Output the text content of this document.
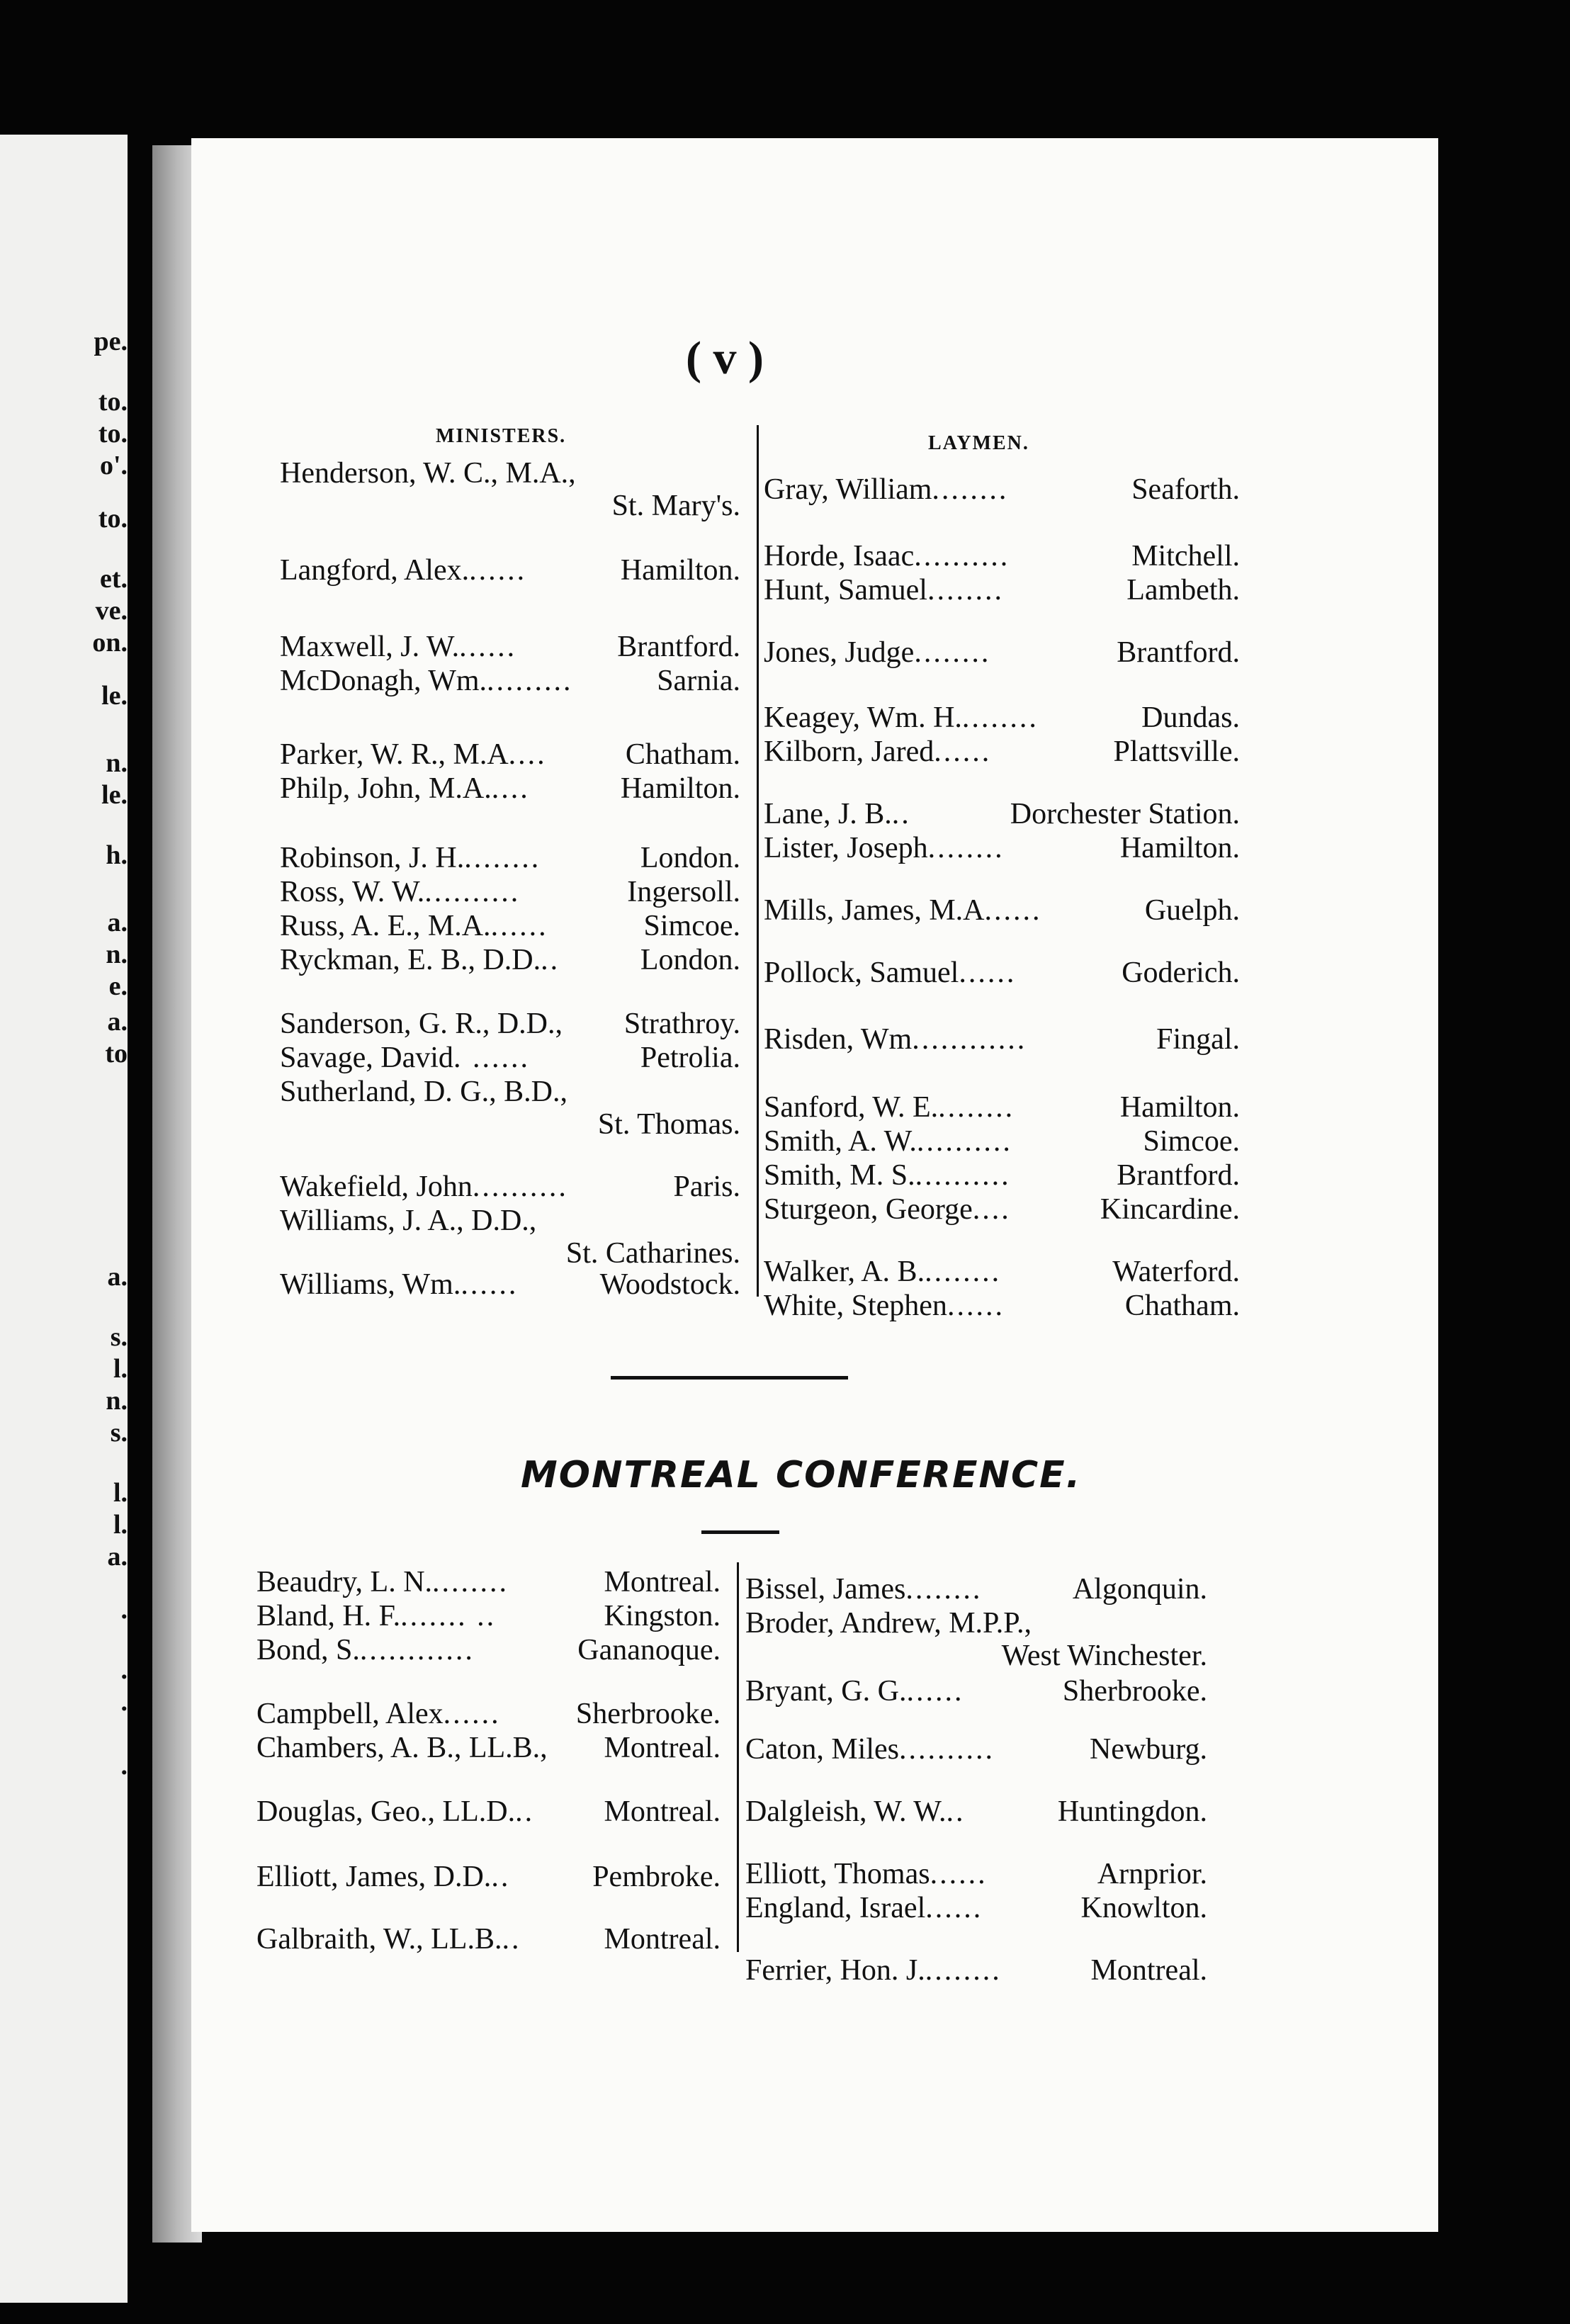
pe.
to.
to.
o'.
to.
et.
ve.
on.
le.
n.
le.
h.
a.
n.
e.
a.
to
a.
s.
l.
n.
s.
l.
l.
a.
.
.
.
.
( v )
MINISTERS.	LAYMEN.
MONTREAL CONFERENCE.
Henderson, W. C., M.A.,
St. Mary's.
Langford, Alex. ......	Hamilton.
Maxwell, J. W. ......	Brantford.
McDonagh, Wm. .........	Sarnia.
Parker, W. R., M.A ....	Chatham.
Philp, John, M.A. ....	Hamilton.
Robinson, J. H. ........	London.
Ross, W. W. ..........	Ingersoll.
Russ, A. E., M.A. ......	Simcoe.
Ryckman, E. B., D.D. ..	London.
Sanderson, G. R., D.D., Strathroy.
Savage, David . ......	Petrolia.
Sutherland, D. G., B.D.,
St. Thomas.
Wakefield, John ..........	Paris.
Williams, J. A., D.D.,
St. Catharines.
Williams, Wm. ......	Woodstock.
Gray, William ........	Seaforth.
Horde, Isaac ..........	Mitchell.
Hunt, Samuel ........	Lambeth.
Jones, Judge ........	Brantford.
Keagey, Wm. H. ........	Dundas.
Kilborn, Jared ......	Plattsville.
Lane, J. B. ..	Dorchester Station.
Lister, Joseph ........	Hamilton.
Mills, James, M.A ......	Guelph.
Pollock, Samuel ......	Goderich.
Risden, Wm ............	Fingal.
Sanford, W. E. ........	Hamilton.
Smith, A. W. ..........	Simcoe.
Smith, M. S. ..........	Brantford.
Sturgeon, George ....	Kincardine.
Walker, A. B. ........	Waterford.
White, Stephen ......	Chatham.
Beaudry, L. N. ........	Montreal.
Bland, H. F. ....... ..	Kingston.
Bond, S. ............	Gananoque.
Campbell, Alex ......	Sherbrooke.
Chambers, A. B., LL.B., Montreal.
Douglas, Geo., LL.D. .. Montreal.
Elliott, James, D.D. ..	Pembroke.
Galbraith, W., LL.B. ..	Montreal.
Bissel, James ........	Algonquin.
Broder, Andrew, M.P.P.,
West Winchester.
Bryant, G. G. ......	Sherbrooke.
Caton, Miles ..........	Newburg.
Dalgleish, W. W. ..	Huntingdon.
Elliott, Thomas ......	Arnprior.
England, Israel ......	Knowlton.
Ferrier, Hon. J. ........	Montreal.
